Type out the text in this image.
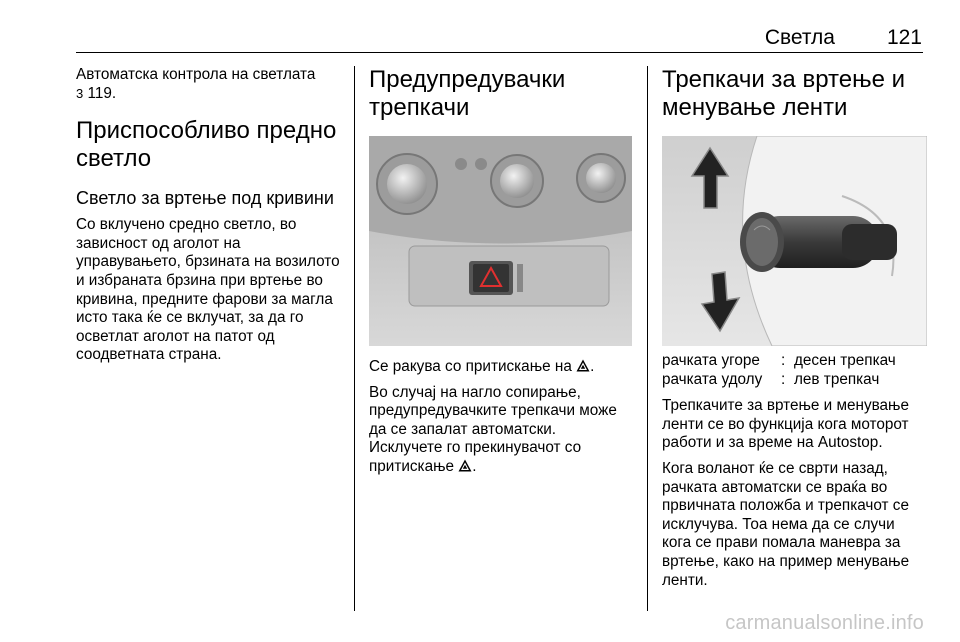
Светла 121

Автоматска контрола на светлата
3 119.

Приспособливо предно светло
Светло за вртење под кривини

Со вклучено средно светло, во зависност од аголот на управувањето, брзината на возилото и избраната брзина при вртење во кривина, предните фарови за магла исто така ќе се вклучат, за да го осветлат аголот на патот од соодветната страна.

Предупредувачки трепкачи

Се ракува со притискање на .

Во случај на нагло сопирање, предупредувачките трепкачи може да се запалат автоматски. Исклучете го прекинувачот со притискање .

Трепкачи за вртење и менување ленти
рачката угоре	:	десен трепкач
рачката удолу	:	лев трепкач

Трепкачите за вртење и менување ленти се во функција кога моторот работи и за време на Autostop.

Кога воланот ќе се сврти назад, рачката автоматски се враќа во првичната положба и трепкачот се исклучува. Тоа нема да се случи кога се прави помала маневра за вртење, како на пример менување ленти.

carmanualsonline.info
